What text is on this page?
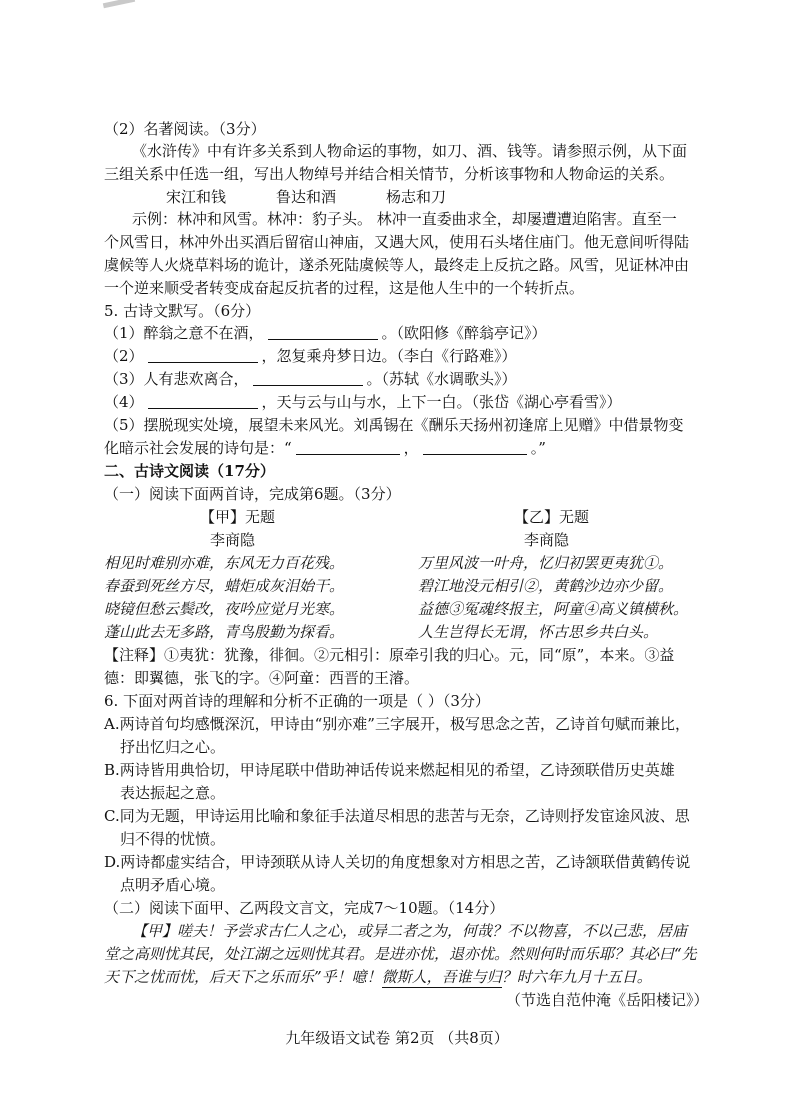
（2）名著阅读。（3分）
《水浒传》中有许多关系到人物命运的事物，如刀、酒、钱等。请参照示例，从下面
三组关系中任选一组，写出人物绰号并结合相关情节，分析该事物和人物命运的关系。
宋江和钱	鲁达和酒	杨志和刀
示例：林冲和风雪。林冲：豹子头。 林冲一直委曲求全，却屡遭遭迫陷害。直至一
个风雪日，林冲外出买酒后留宿山神庙，又遇大风，使用石头堵住庙门。他无意间听得陆
虞候等人火烧草料场的诡计，遂杀死陆虞候等人，最终走上反抗之路。风雪，见证林冲由
一个逆来顺受者转变成奋起反抗者的过程，这是他人生中的一个转折点。
5. 古诗文默写。（6分）
（1）醉翁之意不在酒，	。（欧阳修《醉翁亭记》）
（2）	，忽复乘舟梦日边。（李白《行路难》）
（3）人有悲欢离合，	。（苏轼《水调歌头》）
（4）	，天与云与山与水，上下一白。（张岱《湖心亭看雪》）
（5）摆脱现实处境，展望未来风光。刘禹锡在《酬乐天扬州初逢席上见赠》中借景物变
化暗示社会发展的诗句是：“	，	。”
二、古诗文阅读（17分）
（一）阅读下面两首诗，完成第6题。（3分）
【甲】无题
李商隐
相见时难别亦难，东风无力百花残。
春蚕到死丝方尽，蜡炬成灰泪始干。
晓镜但愁云鬓改，夜吟应觉月光寒。
蓬山此去无多路，青鸟殷勤为探看。
【乙】无题
李商隐
万里风波一叶舟，忆归初罢更夷犹①。
碧江地没元相引②，黄鹤沙边亦少留。
益德③冤魂终报主，阿童④高义镇横秋。
人生岂得长无谓，怀古思乡共白头。
【注释】①夷犹：犹豫，徘徊。②元相引：原牵引我的归心。元，同“原”，本来。③益
德：即翼德，张飞的字。④阿童：西晋的王濬。
6. 下面对两首诗的理解和分析不正确的一项是（ ）（3分）
A.两诗首句均感慨深沉，甲诗由“别亦难”三字展开，极写思念之苦，乙诗首句赋而兼比，
抒出忆归之心。
B.两诗皆用典恰切，甲诗尾联中借助神话传说来燃起相见的希望，乙诗颈联借历史英雄
表达振起之意。
C.同为无题，甲诗运用比喻和象征手法道尽相思的悲苦与无奈，乙诗则抒发宦途风波、思
归不得的忧愤。
D.两诗都虚实结合，甲诗颈联从诗人关切的角度想象对方相思之苦，乙诗颔联借黄鹤传说
点明矛盾心境。
（二）阅读下面甲、乙两段文言文，完成7～10题。（14分）
【甲】嗟夫！予尝求古仁人之心，或异二者之为，何哉？不以物喜，不以己悲，居庙
堂之高则忧其民，处江湖之远则忧其君。是进亦忧，退亦忧。然则何时而乐耶？其必曰“先
天下之忧而忧，后天下之乐而乐”乎！噫！微斯人，吾谁与归？时六年九月十五日。
（节选自范仲淹《岳阳楼记》）
九年级语文试卷 第2页 （共8页）
